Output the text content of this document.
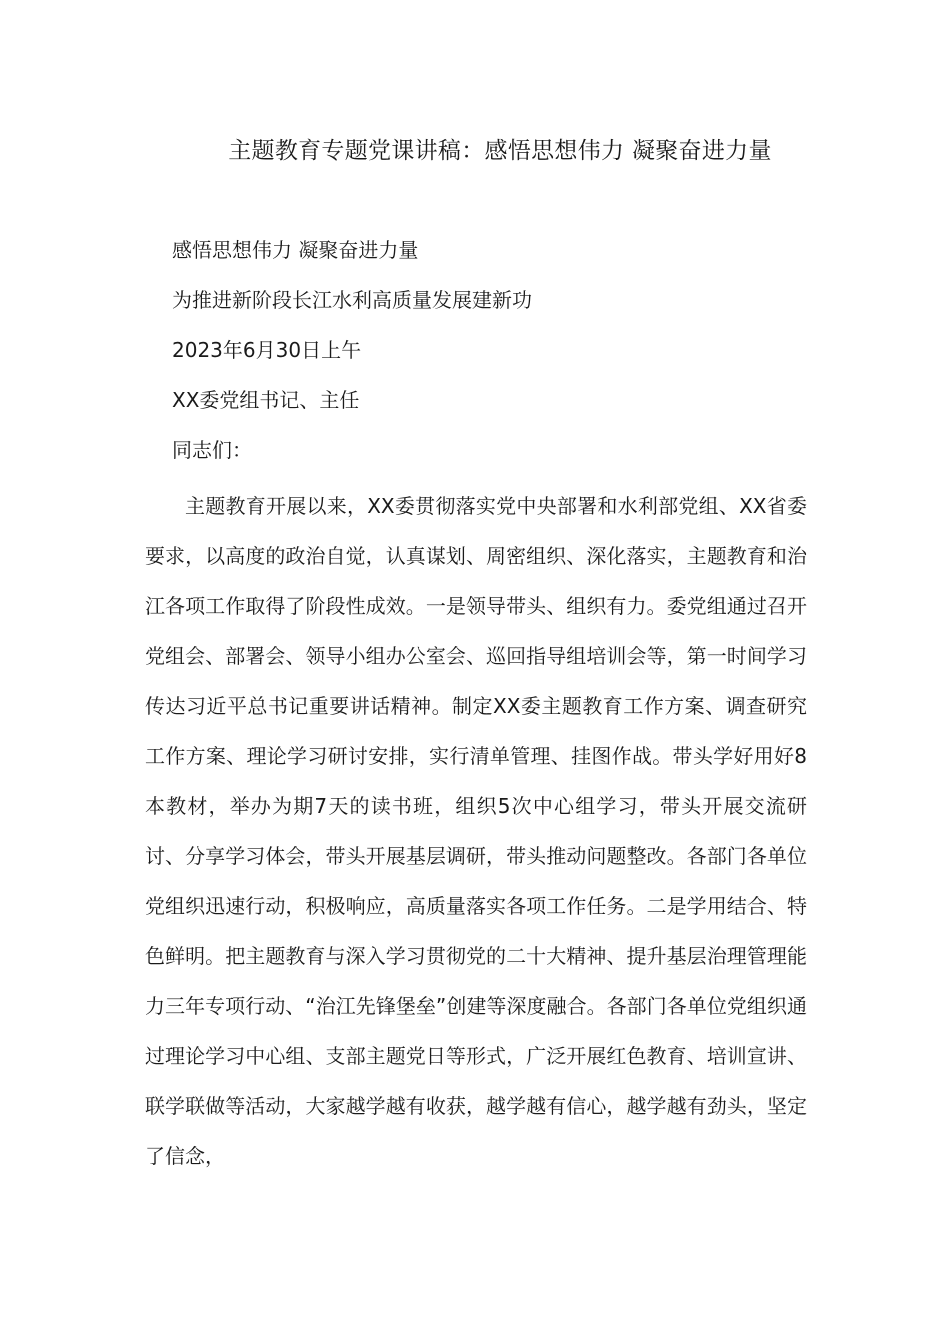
主题教育专题党课讲稿：感悟思想伟力 凝聚奋进力量
感悟思想伟力 凝聚奋进力量
为推进新阶段长江水利高质量发展建新功
2023年6月30日上午
XX委党组书记、主任
同志们：

主题教育开展以来，XX委贯彻落实党中央部署和水利部党组、XX省委要求，以高度的政治自觉，认真谋划、周密组织、深化落实，主题教育和治江各项工作取得了阶段性成效。一是领导带头、组织有力。委党组通过召开党组会、部署会、领导小组办公室会、巡回指导组培训会等，第一时间学习传达习近平总书记重要讲话精神。制定XX委主题教育工作方案、调查研究工作方案、理论学习研讨安排，实行清单管理、挂图作战。带头学好用好8本教材，举办为期7天的读书班，组织5次中心组学习，带头开展交流研讨、分享学习体会，带头开展基层调研，带头推动问题整改。各部门各单位党组织迅速行动，积极响应，高质量落实各项工作任务。二是学用结合、特色鲜明。把主题教育与深入学习贯彻党的二十大精神、提升基层治理管理能力三年专项行动、“治江先锋堡垒”创建等深度融合。各部门各单位党组织通过理论学习中心组、支部主题党日等形式，广泛开展红色教育、培训宣讲、联学联做等活动，大家越学越有收获，越学越有信心，越学越有劲头，坚定了信念，
